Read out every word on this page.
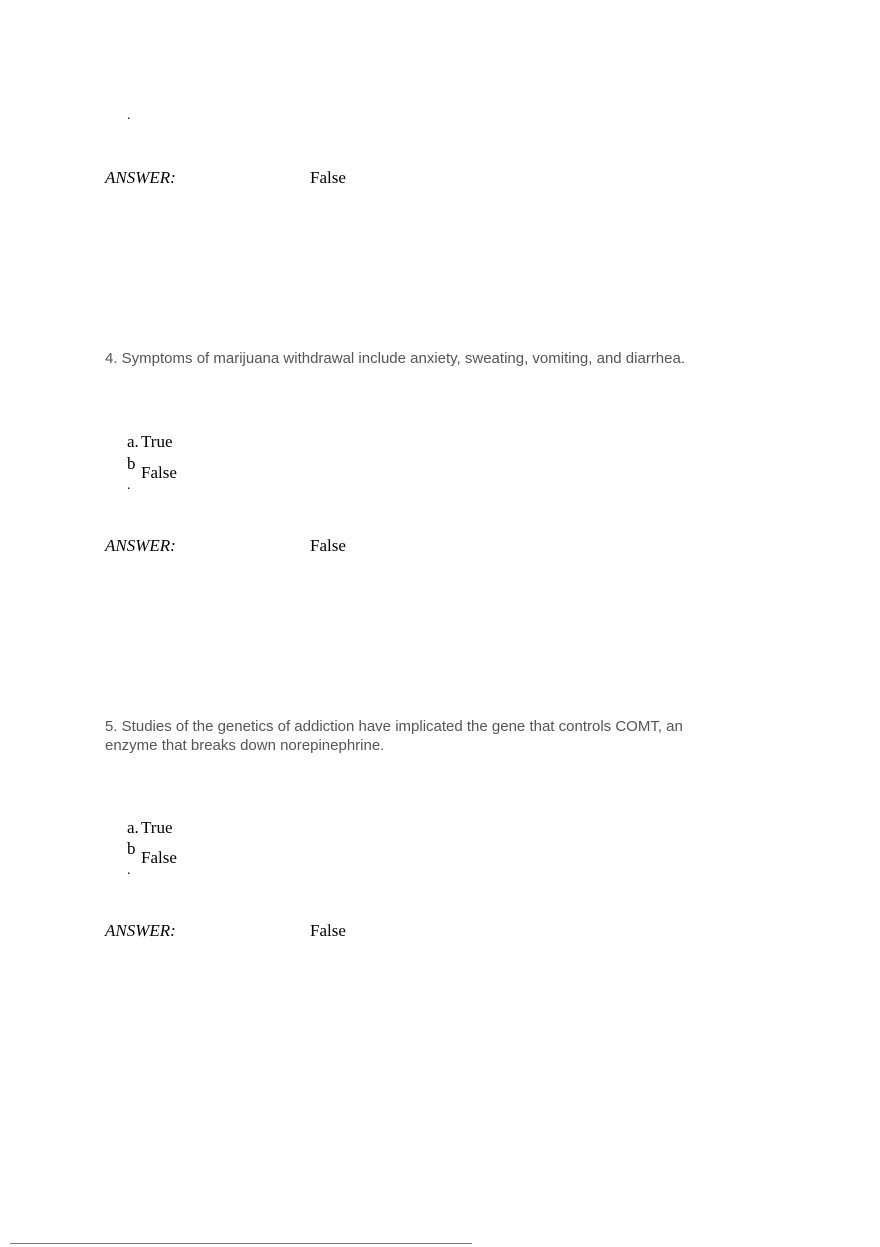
.
ANSWER:	False
4. Symptoms of marijuana withdrawal include anxiety, sweating, vomiting, and diarrhea.
a. True
b False
.
ANSWER:	False
5. Studies of the genetics of addiction have implicated the gene that controls COMT, an enzyme that breaks down norepinephrine.
a. True
b False
.
ANSWER:	False
